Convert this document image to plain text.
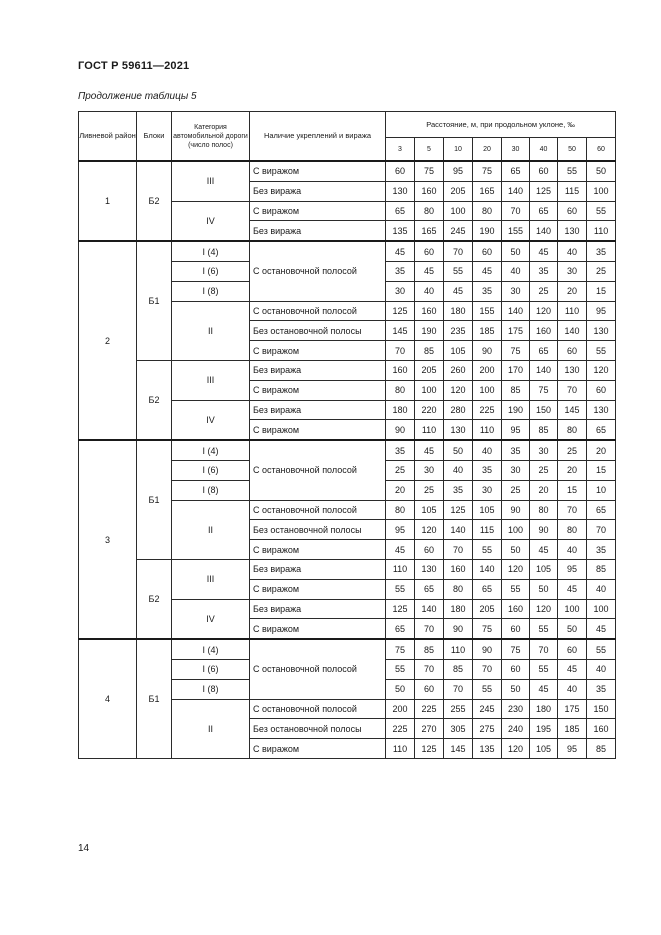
ГОСТ Р 59611—2021
Продолжение таблицы 5
Ливневой район	Блоки	Категория автомобильной дороги (число полос)	Наличие укреплений и виража	Расстояние, м, при продольном уклоне, ‰							
				3	5	10	20	30	40	50	60
1	Б2	III	С виражом	60	75	95	75	65	60	55	50
			Без виража	130	160	205	165	140	125	115	100
		IV	С виражом	65	80	100	80	70	65	60	55
			Без виража	135	165	245	190	155	140	130	110
2	Б1	I (4)	С остановочной полосой	45	60	70	60	50	45	40	35
		I (6)		35	45	55	45	40	35	30	25
		I (8)		30	40	45	35	30	25	20	15
		II	С остановочной полосой	125	160	180	155	140	120	110	95
			Без остановочной полосы	145	190	235	185	175	160	140	130
			С виражом	70	85	105	90	75	65	60	55
	Б2	III	Без виража	160	205	260	200	170	140	130	120
			С виражом	80	100	120	100	85	75	70	60
		IV	Без виража	180	220	280	225	190	150	145	130
			С виражом	90	110	130	110	95	85	80	65
3	Б1	I (4)	С остановочной полосой	35	45	50	40	35	30	25	20
		I (6)		25	30	40	35	30	25	20	15
		I (8)		20	25	35	30	25	20	15	10
		II	С остановочной полосой	80	105	125	105	90	80	70	65
			Без остановочной полосы	95	120	140	115	100	90	80	70
			С виражом	45	60	70	55	50	45	40	35
	Б2	III	Без виража	110	130	160	140	120	105	95	85
			С виражом	55	65	80	65	55	50	45	40
		IV	Без виража	125	140	180	205	160	120	100	100
			С виражом	65	70	90	75	60	55	50	45
4	Б1	I (4)	С остановочной полосой	75	85	110	90	75	70	60	55
		I (6)		55	70	85	70	60	55	45	40
		I (8)		50	60	70	55	50	45	40	35
		II	С остановочной полосой	200	225	255	245	230	180	175	150
			Без остановочной полосы	225	270	305	275	240	195	185	160
			С виражом	110	125	145	135	120	105	95	85
14
